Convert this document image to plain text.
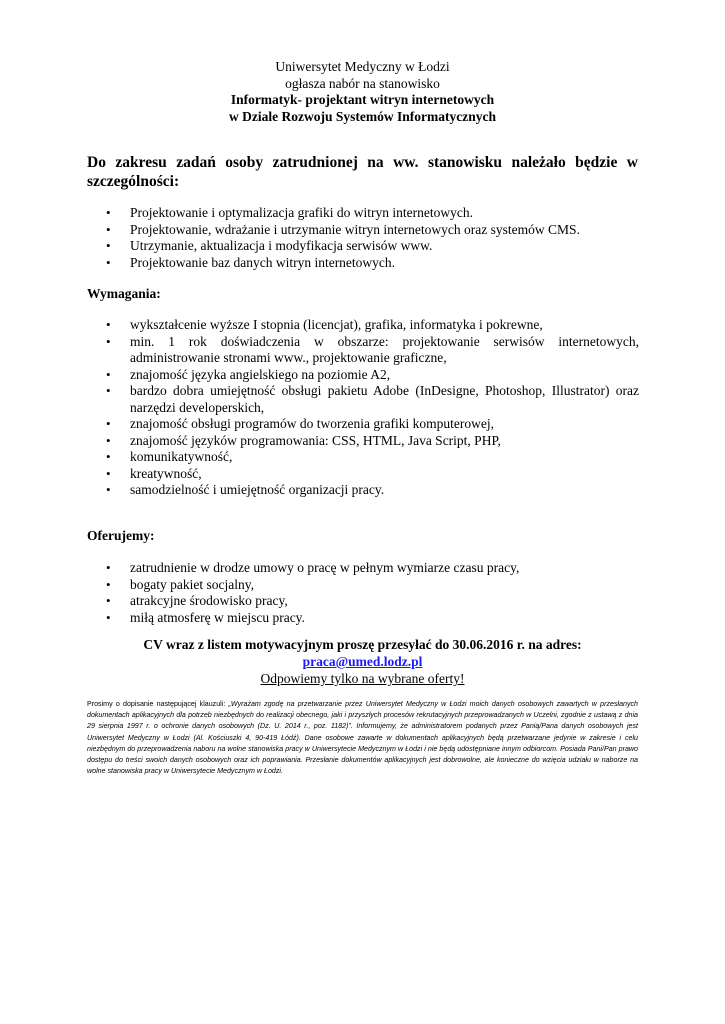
Uniwersytet Medyczny w Łodzi
ogłasza nabór na stanowisko
Informatyk- projektant witryn internetowych
w Dziale Rozwoju Systemów Informatycznych
Do zakresu zadań osoby zatrudnionej na ww. stanowisku należało będzie w szczególności:
• Projektowanie i optymalizacja grafiki do witryn internetowych.
• Projektowanie, wdrażanie i utrzymanie witryn internetowych oraz systemów CMS.
• Utrzymanie, aktualizacja i modyfikacja serwisów www.
• Projektowanie baz danych witryn internetowych.
Wymagania:
• wykształcenie wyższe I stopnia (licencjat), grafika, informatyka i pokrewne,
• min. 1 rok doświadczenia w obszarze: projektowanie serwisów internetowych, administrowanie stronami www., projektowanie graficzne,
• znajomość języka angielskiego na poziomie A2,
• bardzo dobra umiejętność obsługi pakietu Adobe (InDesigne, Photoshop, Illustrator) oraz narzędzi developerskich,
• znajomość obsługi programów do tworzenia grafiki komputerowej,
• znajomość języków programowania: CSS, HTML, Java Script, PHP,
• komunikatywność,
• kreatywność,
• samodzielność i umiejętność organizacji pracy.
Oferujemy:
• zatrudnienie w drodze umowy o pracę w pełnym wymiarze czasu pracy,
• bogaty pakiet socjalny,
• atrakcyjne środowisko pracy,
• miłą atmosferę w miejscu pracy.
CV wraz z listem motywacyjnym proszę przesyłać do 30.06.2016 r. na adres:
praca@umed.lodz.pl
Odpowiemy tylko na wybrane oferty!
Prosimy o dopisanie następującej klauzuli: „Wyrażam zgodę na przetwarzanie przez Uniwersytet Medyczny w Łodzi moich danych osobowych zawartych w przesłanych dokumentach aplikacyjnych dla potrzeb niezbędnych do realizacji obecnego, jaki i przyszłych procesów rekrutacyjnych przeprowadzanych w Uczelni, zgodnie z ustawą z dnia 29 sierpnia 1997 r. o ochronie danych osobowych (Dz. U. 2014 r., poz. 1182)”. Informujemy, że administratorem podanych przez Panią/Pana danych osobowych jest Uniwersytet Medyczny w Łodzi (Al. Kościuszki 4, 90-419 Łódź). Dane osobowe zawarte w dokumentach aplikacyjnych będą przetwarzane jedynie w zakresie i celu niezbędnym do przeprowadzenia naboru na wolne stanowiska pracy w Uniwersytecie Medycznym w Łodzi i nie będą udostępniane innym odbiorcom. Posiada Pani/Pan prawo dostępu do treści swoich danych osobowych oraz ich poprawiania. Przesłanie dokumentów aplikacyjnych jest dobrowolne, ale konieczne do wzięcia udziału w naborze na wolne stanowiska pracy w Uniwersytecie Medycznym w Łodzi.
